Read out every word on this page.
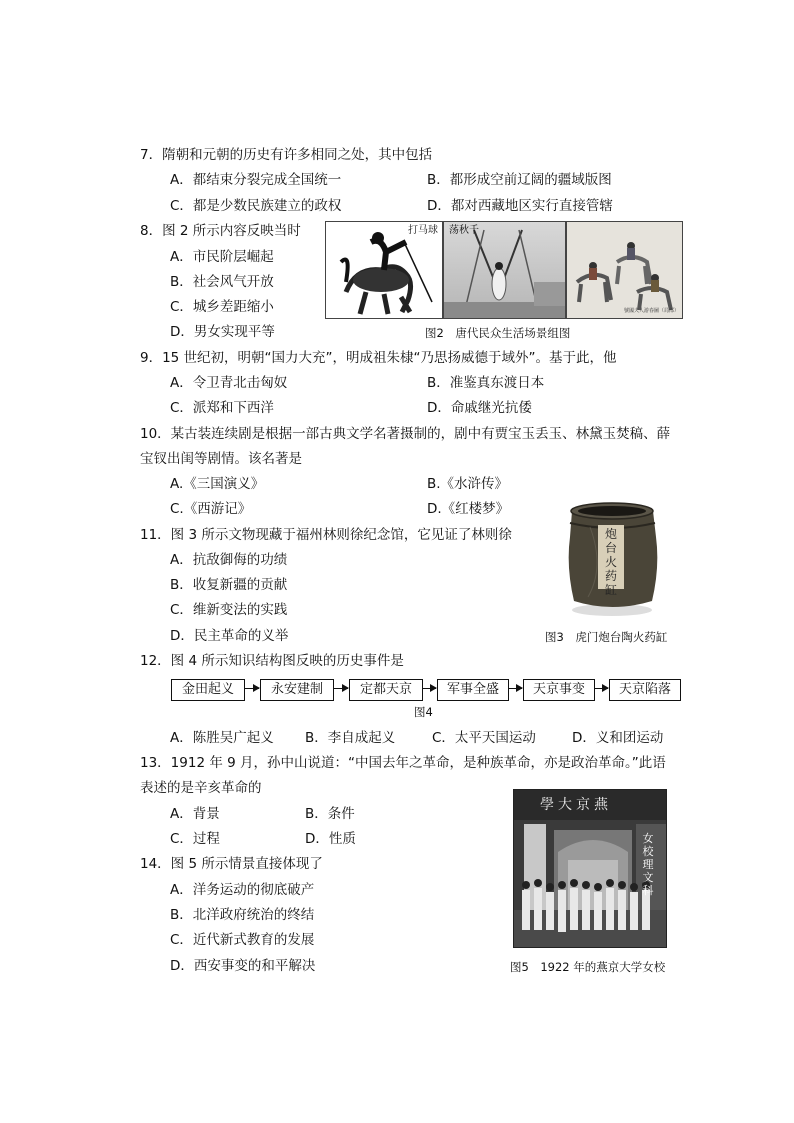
7．隋朝和元朝的历史有许多相同之处，其中包括
A．都结束分裂完成全国统一	B．都形成空前辽阔的疆域版图
C．都是少数民族建立的政权	D．都对西藏地区实行直接管辖
8．图 2 所示内容反映当时
A．市民阶层崛起
B．社会风气开放
C．城乡差距缩小
D．男女实现平等
打马球 荡秋千
號國夫人游春圖（局部）
图2　唐代民众生活场景组图
9．15 世纪初，明朝“国力大充”，明成祖朱棣“乃思扬威德于域外”。基于此，他
A．令卫青北击匈奴	B．准鉴真东渡日本
C．派郑和下西洋	D．命戚继光抗倭
10．某古装连续剧是根据一部古典文学名著摄制的，剧中有贾宝玉丢玉、林黛玉焚稿、薛
宝钗出闺等剧情。该名著是
A.《三国演义》	B.《水浒传》
C.《西游记》	D.《红楼梦》
11．图 3 所示文物现藏于福州林则徐纪念馆，它见证了林则徐
A．抗敌御侮的功绩
B．收复新疆的贡献
C．维新变法的实践
D．民主革命的义举
炮台火药缸
图3　虎门炮台陶火药缸
12．图 4 所示知识结构图反映的历史事件是
金田起义	永安建制	定都天京	军事全盛	天京事变	天京陷落
图4
A．陈胜吴广起义 B．李自成起义	C．太平天国运动	D．义和团运动
13．1912 年 9 月，孙中山说道：“中国去年之革命，是种族革命，亦是政治革命。”此语
表述的是辛亥革命的
A．背景	B．条件
C．过程	D．性质
14．图 5 所示情景直接体现了
A．洋务运动的彻底破产
B．北洋政府统治的终结
C．近代新式教育的发展
D．西安事变的和平解决
學大京燕
女校理文科
图5　1922 年的燕京大学女校
